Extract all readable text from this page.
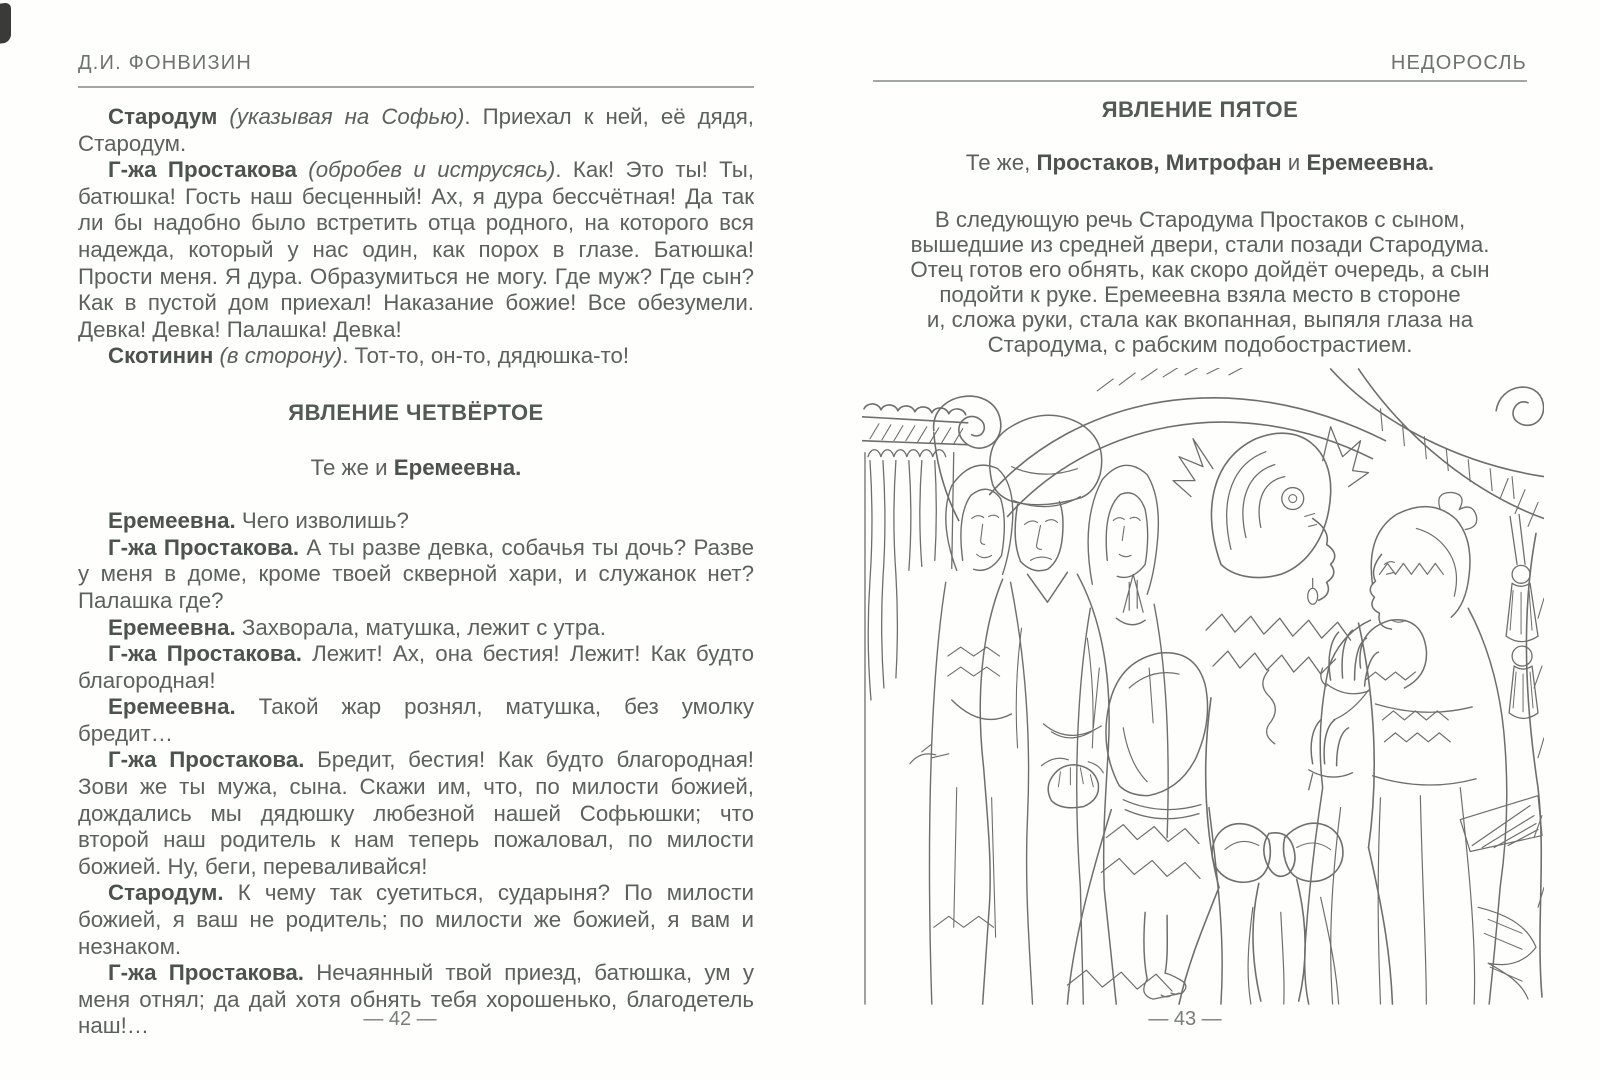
Д.И. ФОНВИЗИН

Стародум (указывая на Софью). Приехал к ней, её дядя, Стародум.

Г-жа Простакова (обробев и иструсясь). Как! Это ты! Ты, батюшка! Гость наш бесценный! Ах, я дура бессчётная! Да так ли бы надобно было встретить отца родного, на которого вся надежда, который у нас один, как порох в глазе. Батюшка! Прости меня. Я дура. Образумиться не могу. Где муж? Где сын? Как в пустой дом приехал! Наказание божие! Все обезумели. Девка! Девка! Палашка! Девка!

Скотинин (в сторону). Тот-то, он-то, дядюшка-то!

ЯВЛЕНИЕ ЧЕТВЁРТОЕ

Те же и Еремеевна.

Еремеевна. Чего изволишь?

Г-жа Простакова. А ты разве девка, собачья ты дочь? Разве у меня в доме, кроме твоей скверной хари, и служанок нет? Палашка где?

Еремеевна. Захворала, матушка, лежит с утра.

Г-жа Простакова. Лежит! Ах, она бестия! Лежит! Как будто благородная!

Еремеевна. Такой жар рознял, матушка, без умолку бредит…

Г-жа Простакова. Бредит, бестия! Как будто благородная! Зови же ты мужа, сына. Скажи им, что, по милости божией, дождались мы дядюшку любезной нашей Софьюшки; что второй наш родитель к нам теперь пожаловал, по милости божией. Ну, беги, переваливайся!

Стародум. К чему так суетиться, сударыня? По милости божией, я ваш не родитель; по милости же божией, я вам и незнаком.

Г-жа Простакова. Нечаянный твой приезд, батюшка, ум у меня отнял; да дай хотя обнять тебя хорошенько, благодетель наш!…	— 42 —
НЕДОРОСЛЬ
ЯВЛЕНИЕ ПЯТОЕ
Те же, Простаков, Митрофан и Еремеевна.
В следующую речь Стародума Простаков с сыном,
вышедшие из средней двери, стали позади Стародума.
Отец готов его обнять, как скоро дойдёт очередь, а сын
подойти к руке. Еремеевна взяла место в стороне
и, сложа руки, стала как вкопанная, выпяля глаза на
Стародума, с рабским подобострастием.
— 43 —
